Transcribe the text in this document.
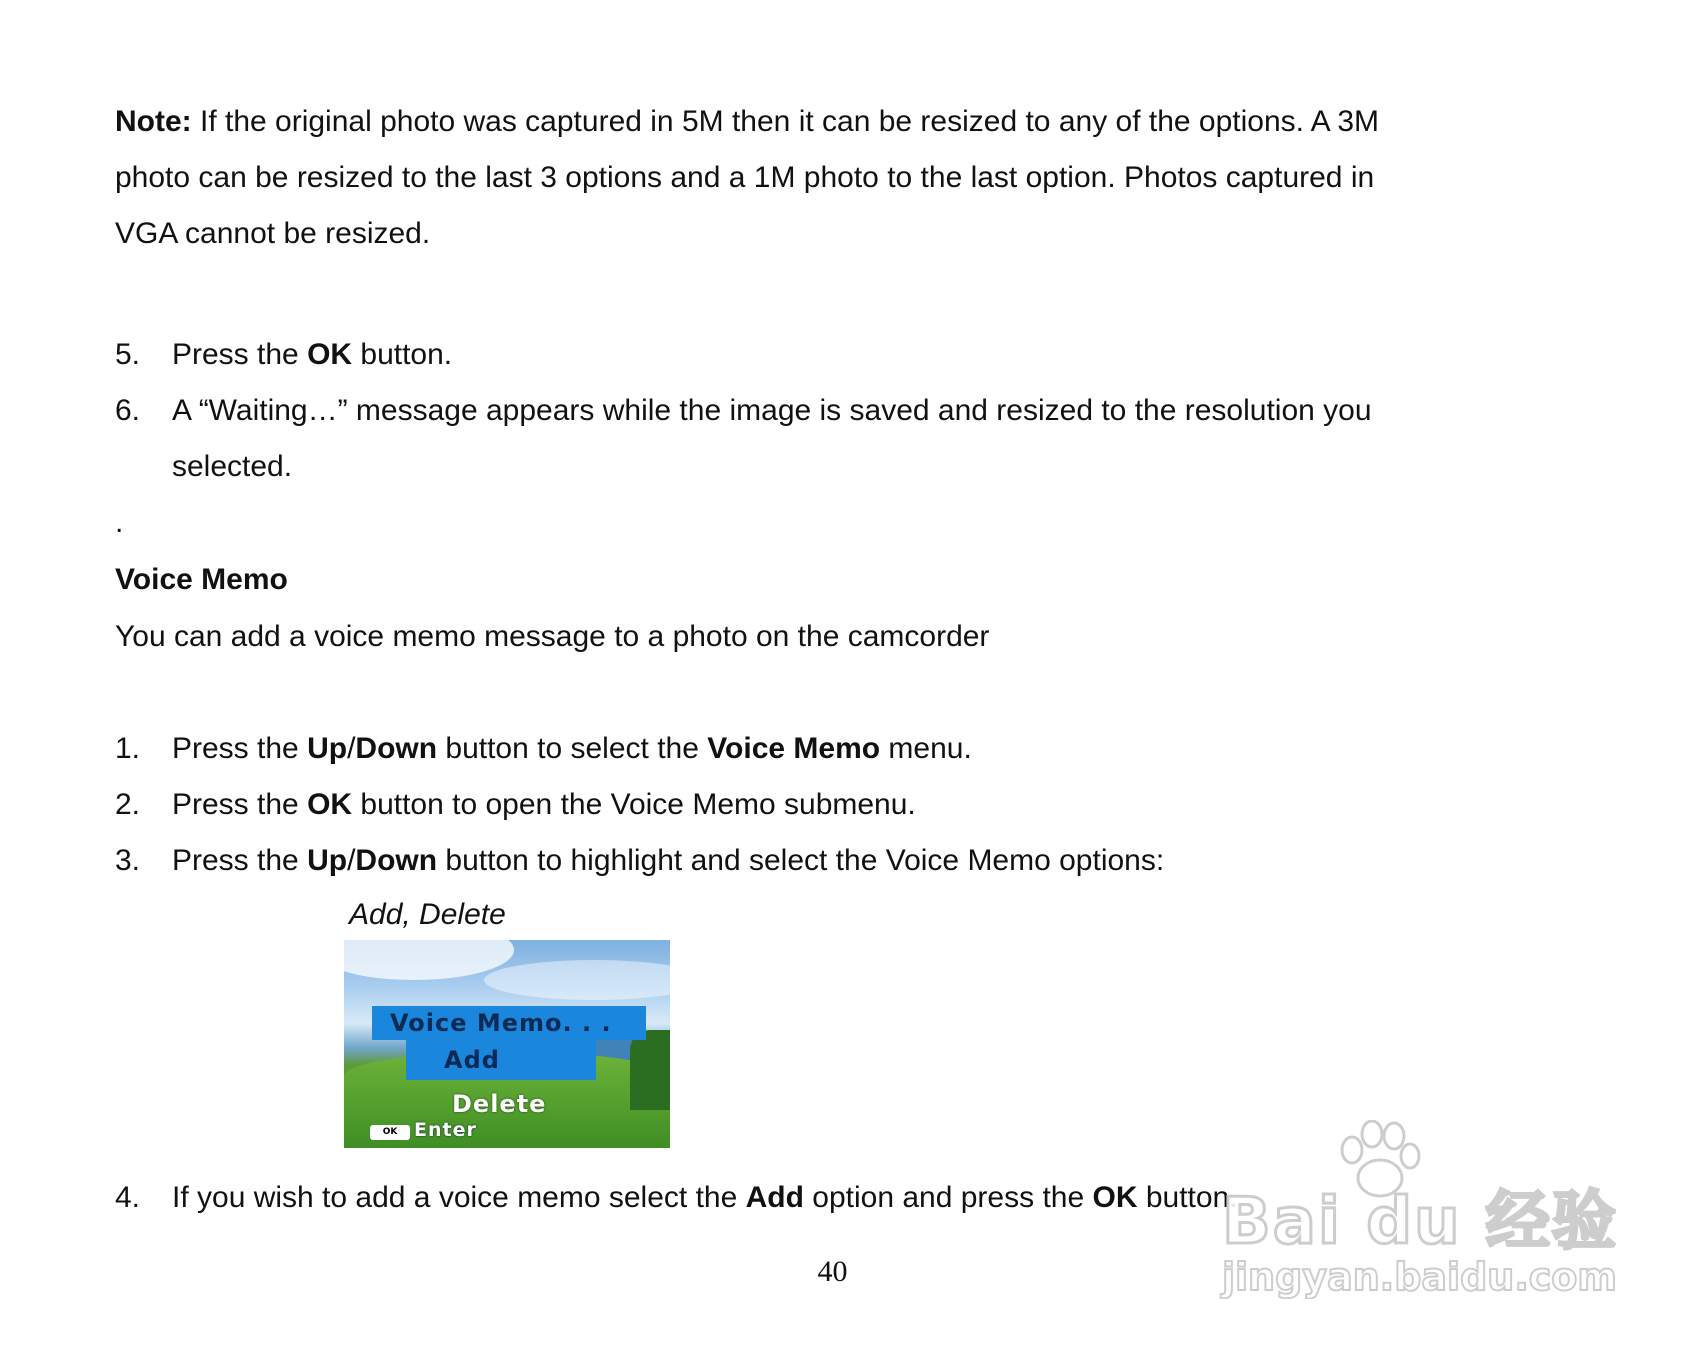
Note: If the original photo was captured in 5M then it can be resized to any of the options. A 3M
photo can be resized to the last 3 options and a 1M photo to the last option. Photos captured in
VGA cannot be resized.
5. Press the OK button.
6. A “Waiting…” message appears while the image is saved and resized to the resolution you
selected.
.
Voice Memo
You can add a voice memo message to a photo on the camcorder
1. Press the Up/Down button to select the Voice Memo menu.
2. Press the OK button to open the Voice Memo submenu.
3. Press the Up/Down button to highlight and select the Voice Memo options:
Add, Delete
Voice Memo. . .
Add
Delete
OK Enter
4. If you wish to add a voice memo select the Add option and press the OK button.
40
Bai du 经验
jingyan.baidu.com
